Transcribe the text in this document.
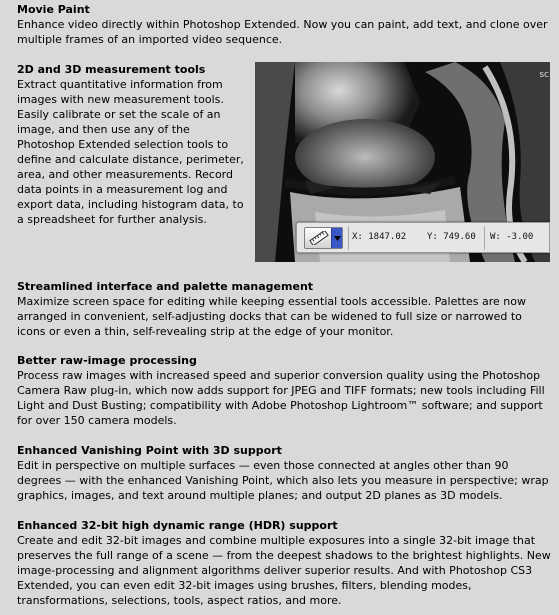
Movie Paint

Enhance video directly within Photoshop Extended. Now you can paint, add text, and clone over multiple frames of an imported video sequence.

2D and 3D measurement tools

Extract quantitative information from images with new measurement tools. Easily calibrate or set the scale of an image, and then use any of the Photoshop Extended selection tools to define and calculate distance, perimeter, area, and other measurements. Record data points in a measurement log and export data, including histogram data, to a spreadsheet for further analysis.

sc
X: 1847.02 Y: 749.60 W: -3.00
Streamlined interface and palette management

Maximize screen space for editing while keeping essential tools accessible. Palettes are now arranged in convenient, self-adjusting docks that can be widened to full size or narrowed to icons or even a thin, self-revealing strip at the edge of your monitor.

Better raw-image processing

Process raw images with increased speed and superior conversion quality using the Photoshop Camera Raw plug-in, which now adds support for JPEG and TIFF formats; new tools including Fill Light and Dust Busting; compatibility with Adobe Photoshop Lightroom™ software; and support for over 150 camera models.

Enhanced Vanishing Point with 3D support

Edit in perspective on multiple surfaces — even those connected at angles other than 90 degrees — with the enhanced Vanishing Point, which also lets you measure in perspective; wrap graphics, images, and text around multiple planes; and output 2D planes as 3D models.

Enhanced 32-bit high dynamic range (HDR) support

Create and edit 32-bit images and combine multiple exposures into a single 32-bit image that preserves the full range of a scene — from the deepest shadows to the brightest highlights. New image-processing and alignment algorithms deliver superior results. And with Photoshop CS3 Extended, you can even edit 32-bit images using brushes, filters, blending modes, transformations, selections, tools, aspect ratios, and more.
